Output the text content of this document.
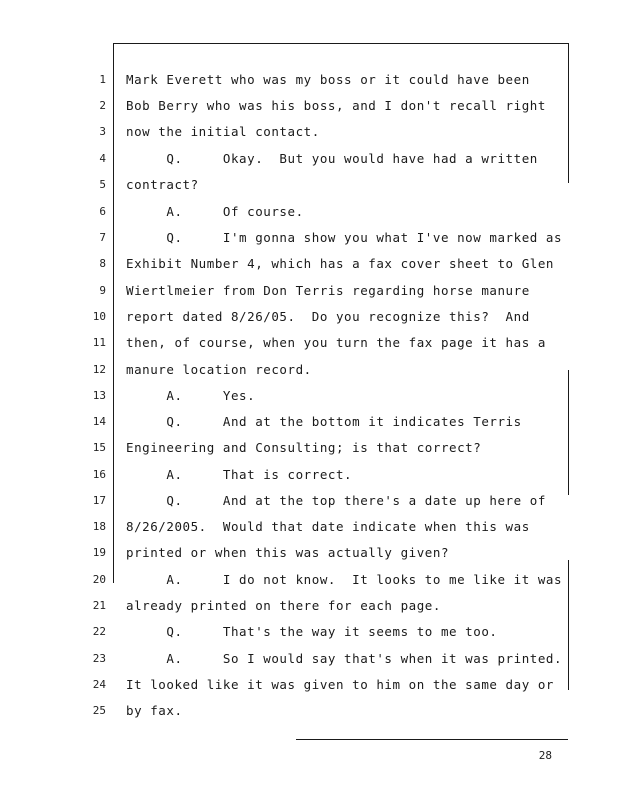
1 Mark Everett who was my boss or it could have been
2 Bob Berry who was his boss, and I don't recall right
3 now the initial contact.
4 Q.     Okay.  But you would have had a written
5 contract?
6 A.     Of course.
7 Q.     I'm gonna show you what I've now marked as
8 Exhibit Number 4, which has a fax cover sheet to Glen
9 Wiertlmeier from Don Terris regarding horse manure
10 report dated 8/26/05.  Do you recognize this?  And
11 then, of course, when you turn the fax page it has a
12 manure location record.
13 A.     Yes.
14 Q.     And at the bottom it indicates Terris
15 Engineering and Consulting; is that correct?
16 A.     That is correct.
17 Q.     And at the top there's a date up here of
18 8/26/2005.  Would that date indicate when this was
19 printed or when this was actually given?
20 A.     I do not know.  It looks to me like it was
21 already printed on there for each page.
22 Q.     That's the way it seems to me too.
23 A.     So I would say that's when it was printed.
24 It looked like it was given to him on the same day or
25 by fax.
28
